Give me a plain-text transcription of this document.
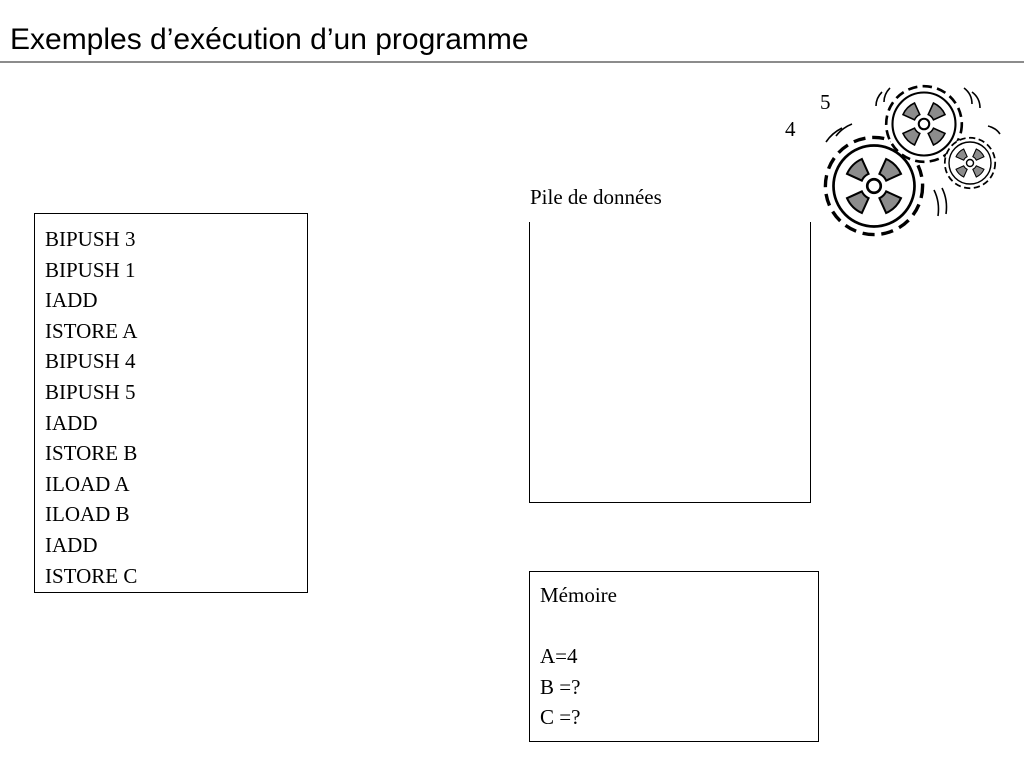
Exemples d’exécution d’un programme
BIPUSH 3
BIPUSH 1
IADD
ISTORE A
BIPUSH 4
BIPUSH 5
IADD
ISTORE B
ILOAD A
ILOAD B
IADD
ISTORE C
Pile de données
Mémoire
A=4
B =?
C =?
5
4
